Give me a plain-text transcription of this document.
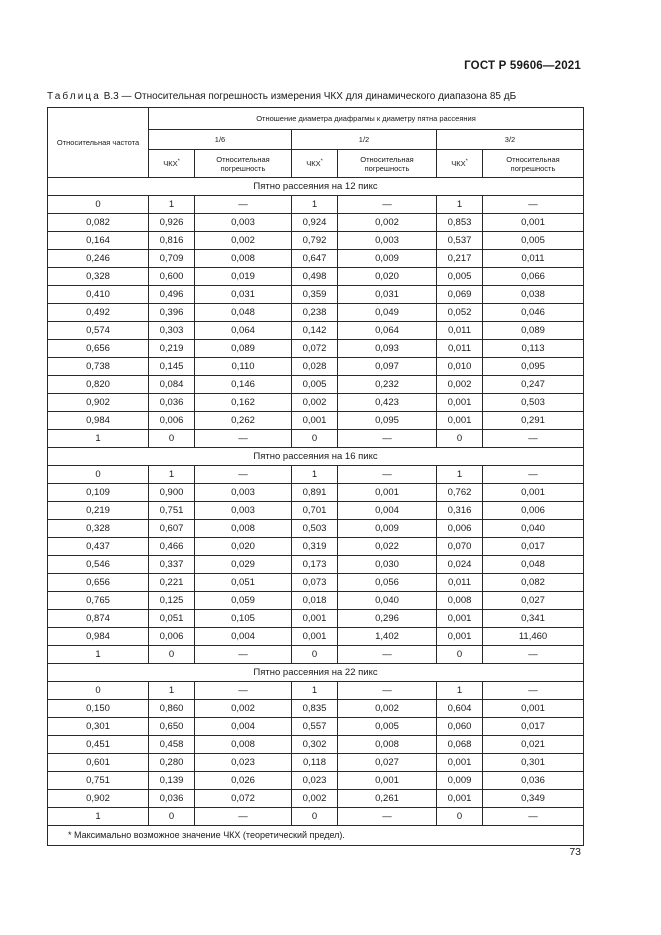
ГОСТ Р 59606—2021
Таблица В.3 — Относительная погрешность измерения ЧКХ для динамического диапазона 85 дБ
Относительная частота	Отношение диаметра диафрагмы к диаметру пятна рассеяния					
	1/6		1/2		3/2	
	ЧКХ*	Относительная погрешность	ЧКХ*	Относительная погрешность	ЧКХ*	Относительная погрешность
Пятно рассеяния на 12 пикс						
0	1	—	1	—	1	—
0,082	0,926	0,003	0,924	0,002	0,853	0,001
0,164	0,816	0,002	0,792	0,003	0,537	0,005
0,246	0,709	0,008	0,647	0,009	0,217	0,011
0,328	0,600	0,019	0,498	0,020	0,005	0,066
0,410	0,496	0,031	0,359	0,031	0,069	0,038
0,492	0,396	0,048	0,238	0,049	0,052	0,046
0,574	0,303	0,064	0,142	0,064	0,011	0,089
0,656	0,219	0,089	0,072	0,093	0,011	0,113
0,738	0,145	0,110	0,028	0,097	0,010	0,095
0,820	0,084	0,146	0,005	0,232	0,002	0,247
0,902	0,036	0,162	0,002	0,423	0,001	0,503
0,984	0,006	0,262	0,001	0,095	0,001	0,291
1	0	—	0	—	0	—
Пятно рассеяния на 16 пикс						
0	1	—	1	—	1	—
0,109	0,900	0,003	0,891	0,001	0,762	0,001
0,219	0,751	0,003	0,701	0,004	0,316	0,006
0,328	0,607	0,008	0,503	0,009	0,006	0,040
0,437	0,466	0,020	0,319	0,022	0,070	0,017
0,546	0,337	0,029	0,173	0,030	0,024	0,048
0,656	0,221	0,051	0,073	0,056	0,011	0,082
0,765	0,125	0,059	0,018	0,040	0,008	0,027
0,874	0,051	0,105	0,001	0,296	0,001	0,341
0,984	0,006	0,004	0,001	1,402	0,001	11,460
1	0	—	0	—	0	—
Пятно рассеяния на 22 пикс						
0	1	—	1	—	1	—
0,150	0,860	0,002	0,835	0,002	0,604	0,001
0,301	0,650	0,004	0,557	0,005	0,060	0,017
0,451	0,458	0,008	0,302	0,008	0,068	0,021
0,601	0,280	0,023	0,118	0,027	0,001	0,301
0,751	0,139	0,026	0,023	0,001	0,009	0,036
0,902	0,036	0,072	0,002	0,261	0,001	0,349
1	0	—	0	—	0	—
* Максимально возможное значение ЧКХ (теоретический предел).						
73
